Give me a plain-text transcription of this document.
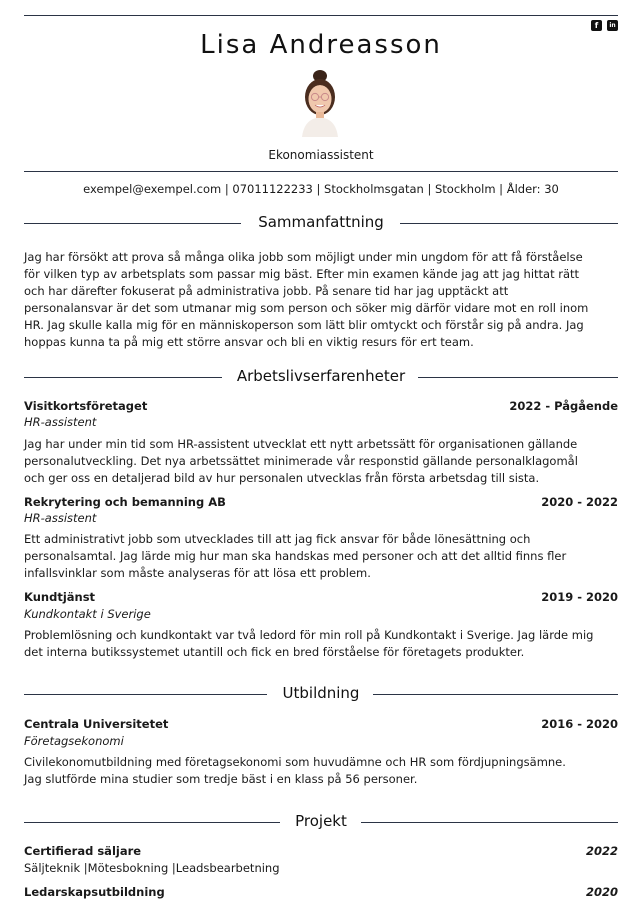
f	in
Lisa Andreasson
Ekonomiassistent
exempel@exempel.com | 07011122233 | Stockholmsgatan | Stockholm | Ålder: 30
Sammanfattning
Jag har försökt att prova så många olika jobb som möjligt under min ungdom för att få förståelse
för vilken typ av arbetsplats som passar mig bäst. Efter min examen kände jag att jag hittat rätt
och har därefter fokuserat på administrativa jobb. På senare tid har jag upptäckt att
personalansvar är det som utmanar mig som person och söker mig därför vidare mot en roll inom
HR. Jag skulle kalla mig för en människoperson som lätt blir omtyckt och förstår sig på andra. Jag
hoppas kunna ta på mig ett större ansvar och bli en viktig resurs för ert team.
Arbetslivserfarenheter
Visitkortsföretaget	2022 - Pågående
HR-assistent
Jag har under min tid som HR-assistent utvecklat ett nytt arbetssätt för organisationen gällande
personalutveckling. Det nya arbetssättet minimerade vår responstid gällande personalklagomål
och ger oss en detaljerad bild av hur personalen utvecklas från första arbetsdag till sista.
Rekrytering och bemanning AB	2020 - 2022
HR-assistent
Ett administrativt jobb som utvecklades till att jag fick ansvar för både lönesättning och
personalsamtal. Jag lärde mig hur man ska handskas med personer och att det alltid finns fler
infallsvinklar som måste analyseras för att lösa ett problem.
Kundtjänst	2019 - 2020
Kundkontakt i Sverige
Problemlösning och kundkontakt var två ledord för min roll på Kundkontakt i Sverige. Jag lärde mig
det interna butikssystemet utantill och fick en bred förståelse för företagets produkter.
Utbildning
Centrala Universitetet	2016 - 2020
Företagsekonomi
Civilekonomutbildning med företagsekonomi som huvudämne och HR som fördjupningsämne.
Jag slutförde mina studier som tredje bäst i en klass på 56 personer.
Projekt
Certifierad säljare	2022
Säljteknik |Mötesbokning |Leadsbearbetning
Ledarskapsutbildning	2020
